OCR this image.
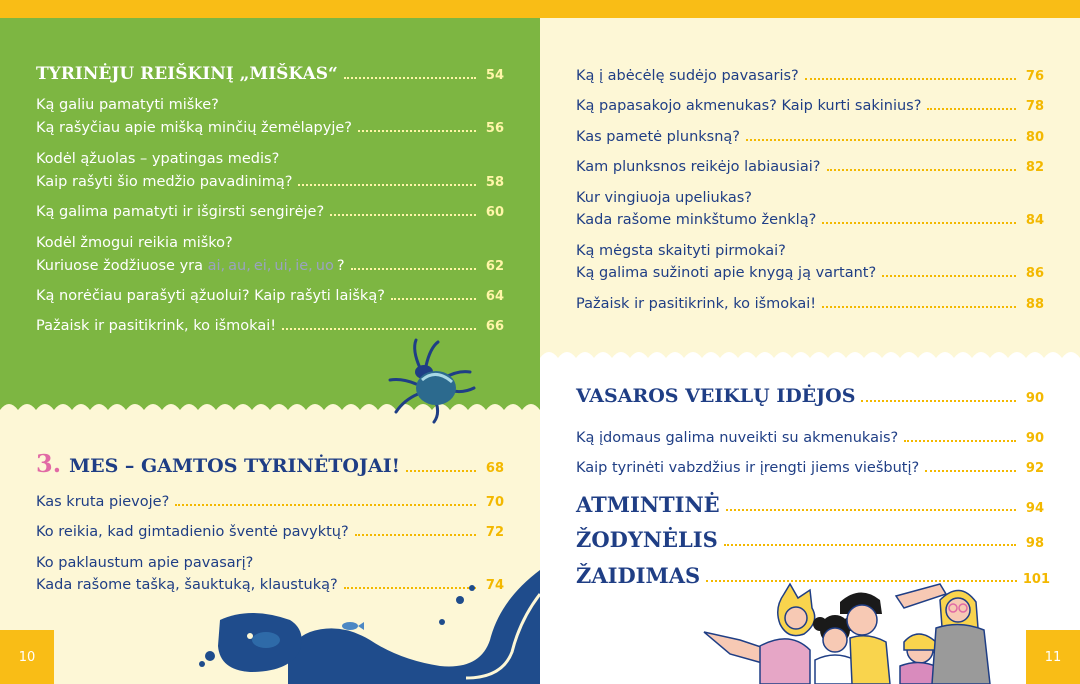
TYRINĖJU REIŠKINĮ „MIŠKAS“	54
Ką galiu pamatyti miške?
Ką rašyčiau apie mišką minčių žemėlapyje?	56
Kodėl ąžuolas – ypatingas medis?
Kaip rašyti šio medžio pavadinimą?	58
Ką galima pamatyti ir išgirsti sengirėje?	60
Kodėl žmogui reikia miško?
Kuriuose žodžiuose yra ai, au, ei, ui, ie, uo ?	62
Ką norėčiau parašyti ąžuolui? Kaip rašyti laišką?	64
Pažaisk ir pasitikrink, ko išmokai!	66
3. MES – GAMTOS TYRINĖTOJAI!	68
Kas kruta pievoje?	70
Ko reikia, kad gimtadienio šventė pavyktų?	72
Ko paklaustum apie pavasarį?
Kada rašome tašką, šauktuką, klaustuką?	74
10
Ką į abėcėlę sudėjo pavasaris?	76
Ką papasakojo akmenukas? Kaip kurti sakinius?	78
Kas pametė plunksną?	80
Kam plunksnos reikėjo labiausiai?	82
Kur vingiuoja upeliukas?
Kada rašome minkštumo ženklą?	84
Ką mėgsta skaityti pirmokai?
Ką galima sužinoti apie knygą ją vartant?	86
Pažaisk ir pasitikrink, ko išmokai!	88
VASAROS VEIKLŲ IDĖJOS	90
Ką įdomaus galima nuveikti su akmenukais?	90
Kaip tyrinėti vabzdžius ir įrengti jiems viešbutį?	92
ATMINTINĖ	94
ŽODYNĖLIS	98
ŽAIDIMAS	101
11
